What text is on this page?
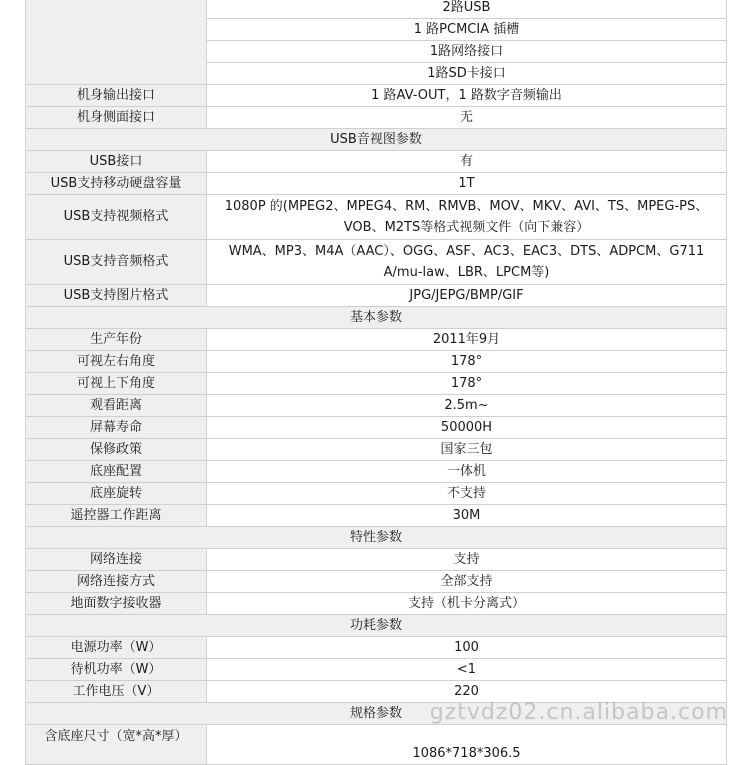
	2路USB
	1 路PCMCIA 插槽
	1路网络接口
	1路SD卡接口
机身输出接口	1 路AV-OUT，1 路数字音频输出
机身侧面接口	无
USB音视图参数	
USB接口	有
USB支持移动硬盘容量	1T
USB支持视频格式	1080P 的(MPEG2、MPEG4、RM、RMVB、MOV、MKV、AVI、TS、MPEG-PS、VOB、M2TS等格式视频文件（向下兼容）
USB支持音频格式	WMA、MP3、M4A（AAC）、OGG、ASF、AC3、EAC3、DTS、ADPCM、G711 A/mu-law、LBR、LPCM等)
USB支持图片格式	JPG/JEPG/BMP/GIF
基本参数	
生产年份	2011年9月
可视左右角度	178°
可视上下角度	178°
观看距离	2.5m~
屏幕寿命	50000H
保修政策	国家三包
底座配置	一体机
底座旋转	不支持
遥控器工作距离	30M
特性参数	
网络连接	支持
网络连接方式	全部支持
地面数字接收器	支持（机卡分离式）
功耗参数	
电源功率（W）	100
待机功率（W）	<1
工作电压（V）	220
规格参数	
含底座尺寸（宽*高*厚）	1086*718*306.5
gztvdz02.cn.alibaba.com
